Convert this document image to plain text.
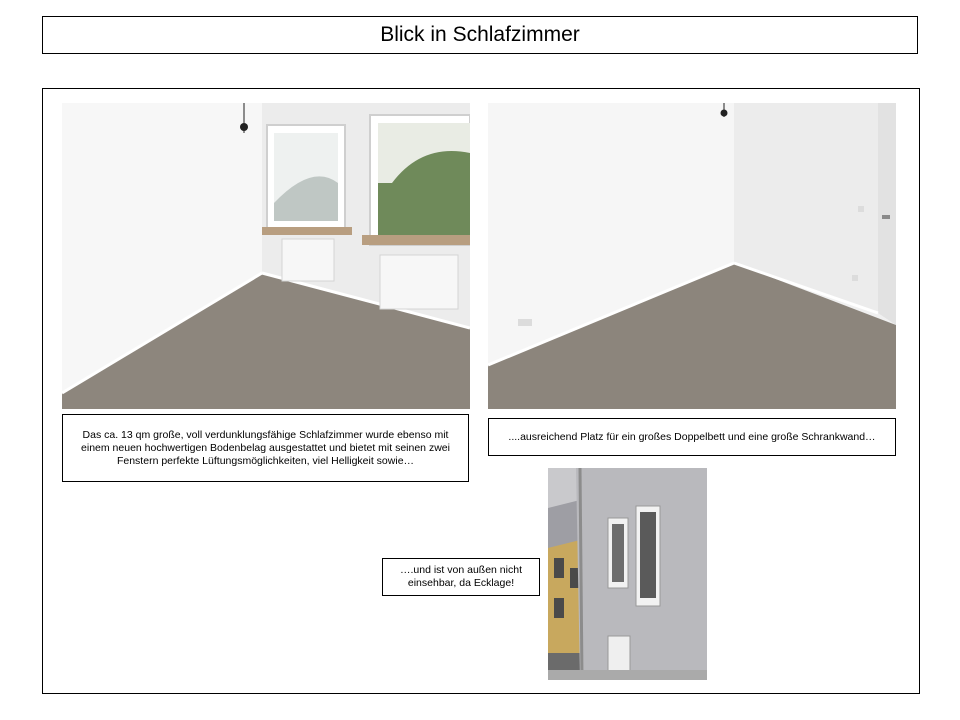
Blick in Schlafzimmer
Das ca. 13 qm große, voll verdunklungsfähige Schlafzimmer wurde ebenso mit einem neuen hochwertigen Bodenbelag ausgestattet und bietet mit seinen zwei Fenstern perfekte Lüftungsmöglichkeiten, viel Helligkeit sowie…
....ausreichend Platz für ein großes Doppelbett und eine große Schrankwand…
….und ist von außen nicht einsehbar, da Ecklage!
